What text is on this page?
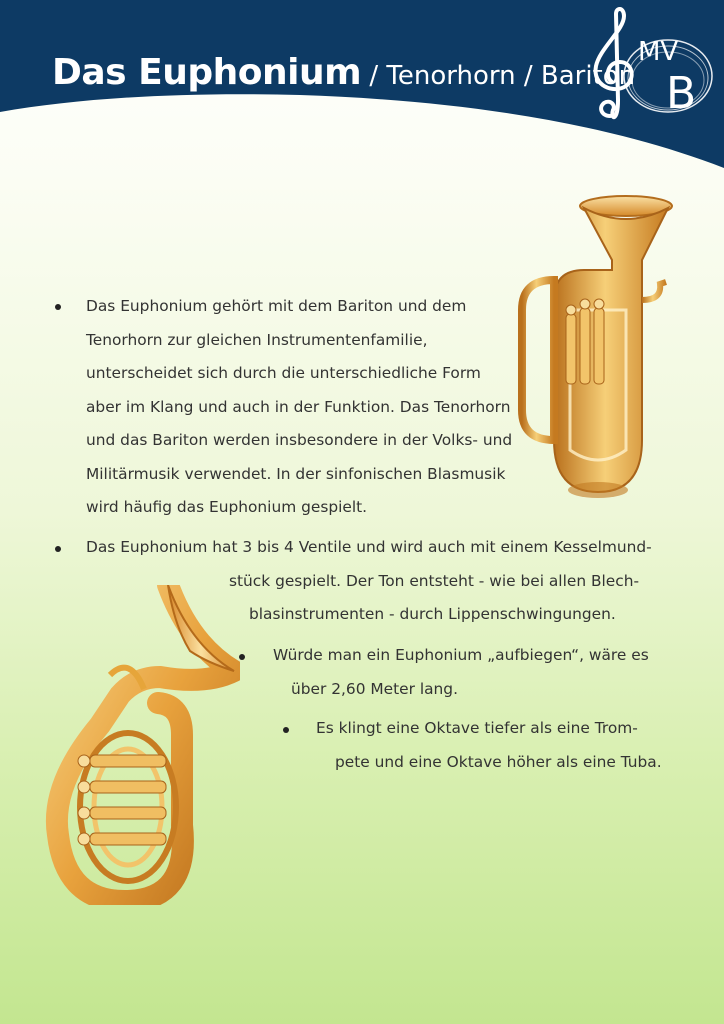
Das Euphonium / Tenorhorn / Bariton
MV
B
Das Euphonium gehört mit dem Bariton und dem
Tenorhorn zur gleichen Instrumentenfamilie,
unterscheidet sich durch die unterschiedliche Form
aber im Klang und auch in der Funktion. Das Tenorhorn
und das Bariton werden insbesondere in der Volks- und
Militärmusik verwendet. In der sinfonischen Blasmusik
wird häufig das Euphonium gespielt.
Das Euphonium hat 3 bis 4 Ventile und wird auch mit einem Kesselmund-
stück gespielt. Der Ton entsteht - wie bei allen Blech-
blasinstrumenten - durch Lippenschwingungen.
Würde man ein Euphonium „aufbiegen“, wäre es
über 2,60 Meter lang.
Es klingt eine Oktave tiefer als eine Trom-
pete und eine Oktave höher als eine Tuba.
